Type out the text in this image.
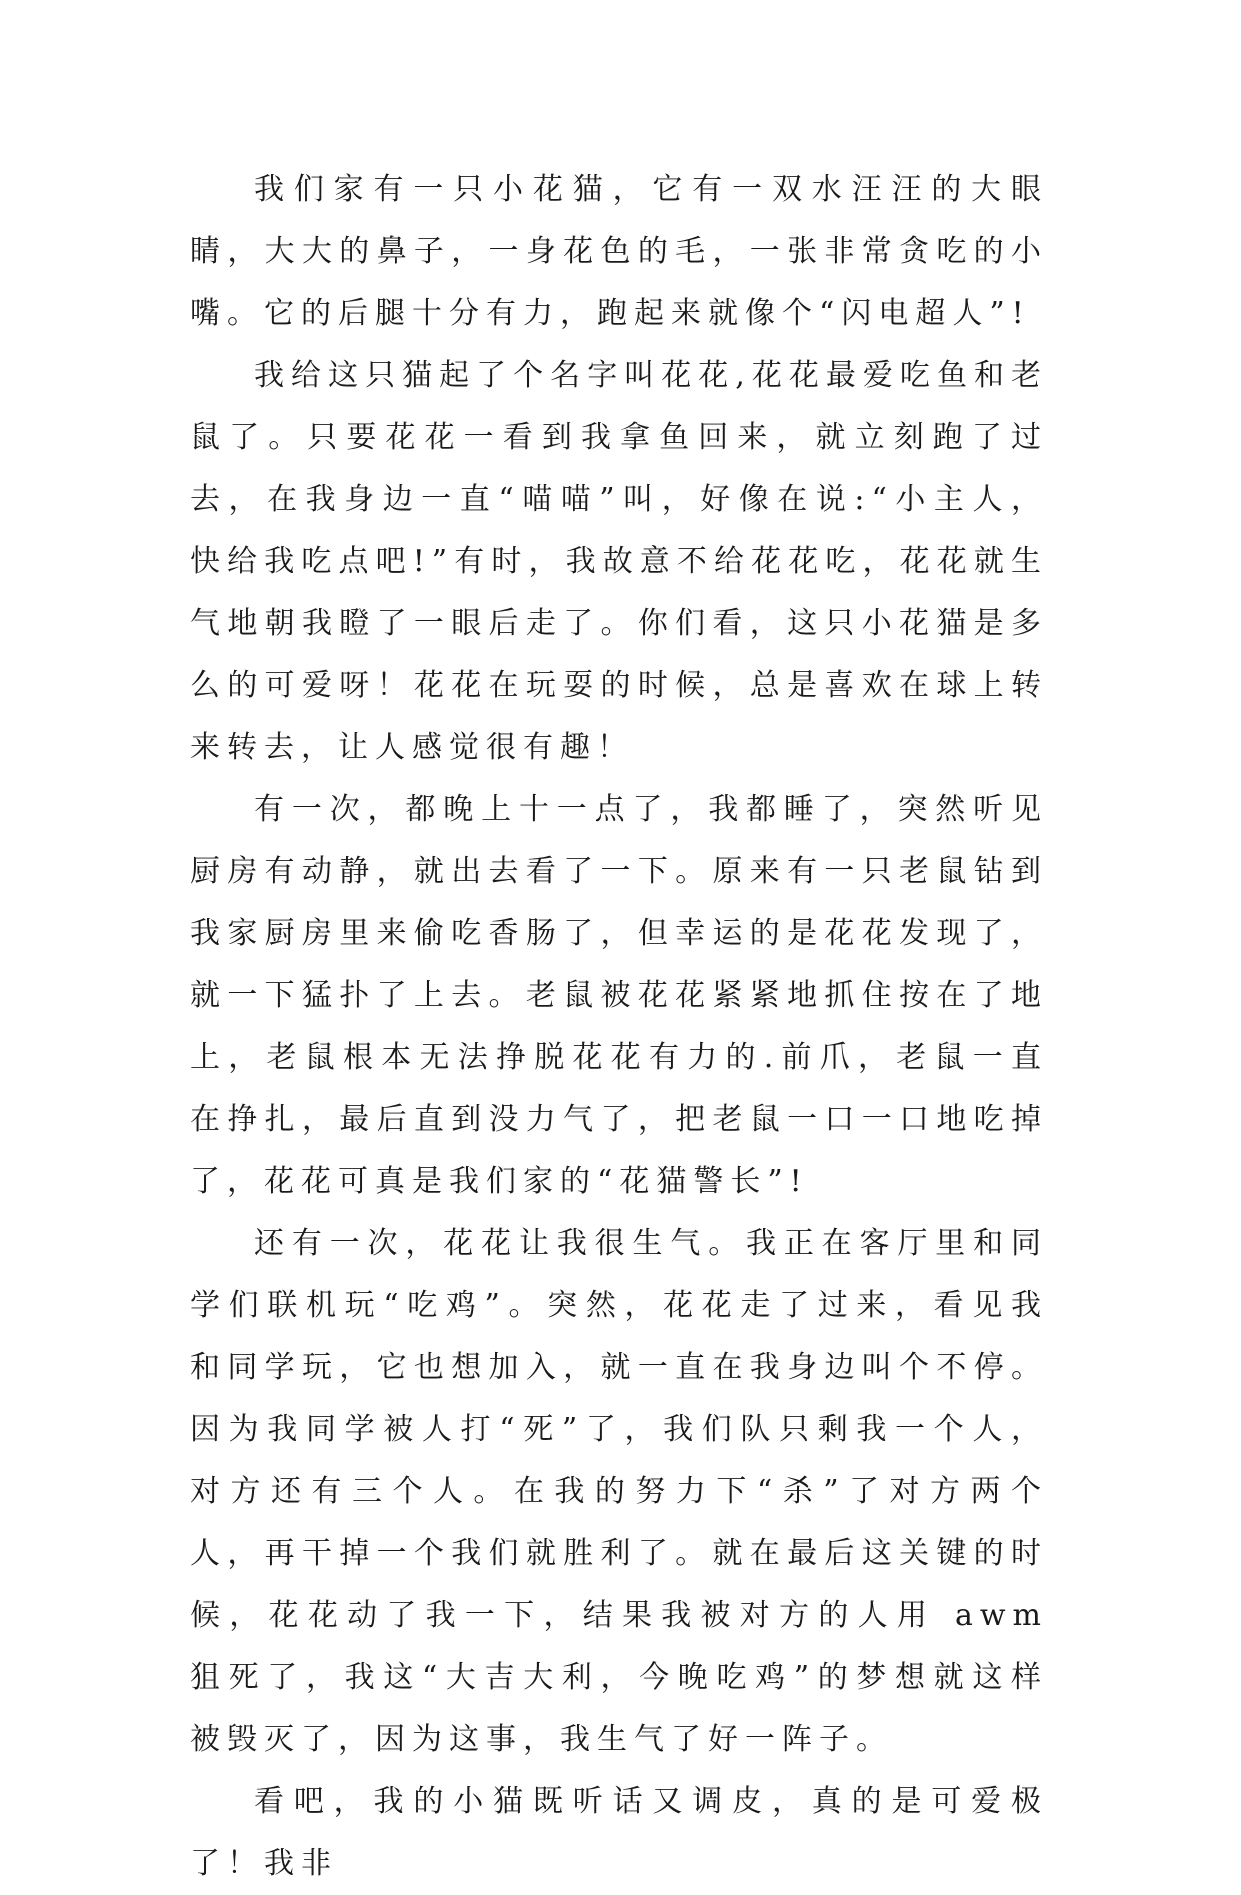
我们家有一只小花猫，它有一双水汪汪的大眼睛，大大的鼻子，一身花色的毛，一张非常贪吃的小嘴。它的后腿十分有力，跑起来就像个“闪电超人”!

我给这只猫起了个名字叫花花,花花最爱吃鱼和老鼠了。只要花花一看到我拿鱼回来，就立刻跑了过去，在我身边一直“喵喵”叫，好像在说:“小主人，快给我吃点吧!”有时，我故意不给花花吃，花花就生气地朝我瞪了一眼后走了。你们看，这只小花猫是多么的可爱呀！花花在玩耍的时候，总是喜欢在球上转来转去，让人感觉很有趣！

有一次，都晚上十一点了，我都睡了，突然听见厨房有动静，就出去看了一下。原来有一只老鼠钻到我家厨房里来偷吃香肠了，但幸运的是花花发现了，就一下猛扑了上去。老鼠被花花紧紧地抓住按在了地上，老鼠根本无法挣脱花花有力的.前爪，老鼠一直在挣扎，最后直到没力气了，把老鼠一口一口地吃掉了，花花可真是我们家的“花猫警长”!

还有一次，花花让我很生气。我正在客厅里和同学们联机玩“吃鸡”。突然，花花走了过来，看见我和同学玩，它也想加入，就一直在我身边叫个不停。因为我同学被人打“死”了，我们队只剩我一个人，对方还有三个人。在我的努力下“杀”了对方两个人，再干掉一个我们就胜利了。就在最后这关键的时候，花花动了我一下，结果我被对方的人用 awm 狙死了，我这“大吉大利，今晚吃鸡”的梦想就这样被毁灭了，因为这事，我生气了好一阵子。

看吧，我的小猫既听话又调皮，真的是可爱极了！我非
